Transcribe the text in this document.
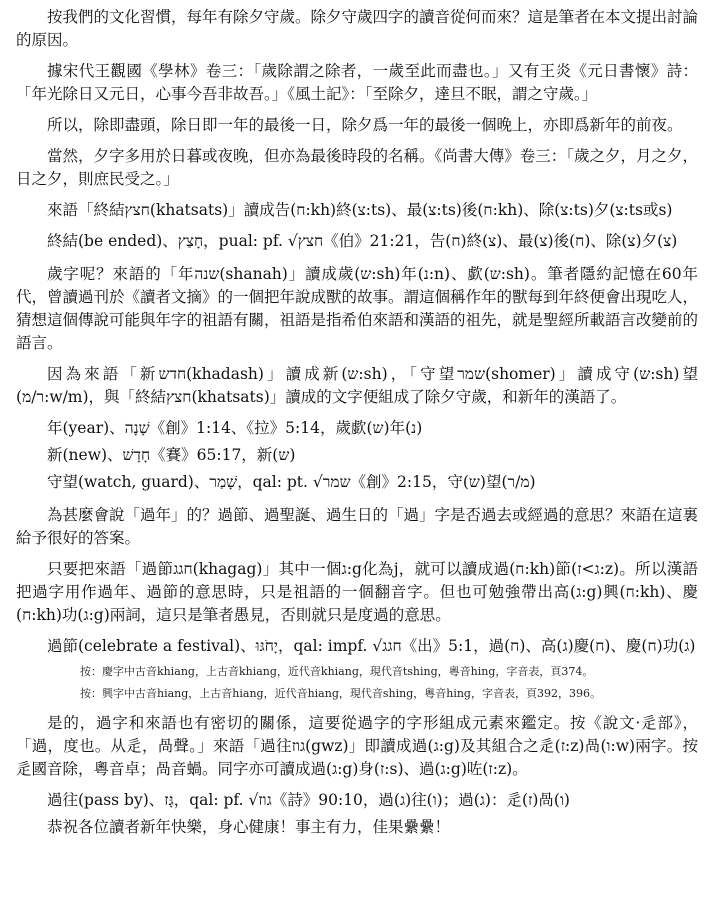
按我們的文化習慣，每年有除夕守歲。除夕守歲四字的讀音從何而來？這是筆者在本文提出討論的原因。

據宋代王觀國《學林》卷三：「歲除謂之除者，一歲至此而盡也。」又有王炎《元日書懷》詩：「年光除日又元日，心事今吾非故吾。」《風土記》：「至除夕，達旦不眠，謂之守歲。」

所以，除即盡頭，除日即一年的最後一日，除夕爲一年的最後一個晚上，亦即爲新年的前夜。

當然，夕字多用於日暮或夜晚，但亦為最後時段的名稱。《尚書大傳》卷三：「歲之夕，月之夕，日之夕，則庶民受之。」

來語「終結חצץ(khatsats)」讀成告(ח:kh)終(צ:ts)、最(צ:ts)後(ח:kh)、除(צ:ts)夕(צ:ts或s)

終結(be ended)、חָצַץ，pual: pf. √חצץ《伯》21:21，告(ח)終(צ)、最(צ)後(ח)、除(צ)夕(צ)

歲字呢？來語的「年שנה(shanah)」讀成歲(ש:sh)年(נ:n)、歔(ש:sh)。筆者隱約記憶在60年代，曾讀過刊於《讀者文摘》的一個把年說成獸的故事。謂這個稱作年的獸每到年終便會出現吃人，猜想這個傳說可能與年字的祖語有關，祖語是指希伯來語和漢語的祖先，就是聖經所載語言改變前的語言。

因為來語「新חדש(khadash)」讀成新(ש:sh)，「守望שמר(shomer)」讀成守(ש:sh)望(ר/מ:w/m)，與「終結חצץ(khatsats)」讀成的文字便組成了除夕守歲，和新年的漢語了。

年(year)、שָׁנָה《創》1:14、《拉》5:14，歲歔(ש)年(נ)

新(new)、חָדָשׁ《賽》65:17，新(ש)

守望(watch, guard)、שָׁמַר，qal: pt. √שמר《創》2:15，守(ש)望(מ/ר)

為甚麼會說「過年」的？過節、過聖誕、過生日的「過」字是否過去或經過的意思？來語在這裏給予很好的答案。

只要把來語「過節חגג(khagag)」其中一個ג:g化為j，就可以讀成過(ח:kh)節(ג>ז:z)。所以漢語把過字用作過年、過節的意思時，只是祖語的一個翻音字。但也可勉強帶出高(ג:g)興(ח:kh)、慶(ח:kh)功(ג:g)兩詞，這只是筆者愚見，否則就只是度過的意思。

過節(celebrate a festival)、יָחֹגּוּ，qal: impf. √חגג《出》5:1，過(ח)、高(ג)慶(ח)、慶(ח)功(ג)

按：慶字中古音khiang，上古音khiang，近代音khiang，現代音tshing，粵音hing，字音表，頁374。

按：興字中古音hiang，上古音hiang，近代音hiang，現代音shing，粵音hing，字音表，頁392，396。

是的，過字和來語也有密切的關係，這要從過字的字形組成元素來鑑定。按《說文·辵部》，「過，度也。从辵，咼聲。」來語「過往גוז(gwz)」即讀成過(ג:g)及其組合之辵(ז:z)咼(ו:w)兩字。按辵國音除，粵音卓；咼音蝸。同字亦可讀成過(ג:g)身(ז:s)、過(ג:g)咗(ז:z)。

過往(pass by)、גָּז，qal: pf. √גוז《詩》90:10，過(ג)往(ו)；過(ג)：辵(ז)咼(ו)

恭祝各位讀者新年快樂，身心健康！事主有力，佳果纍纍！
